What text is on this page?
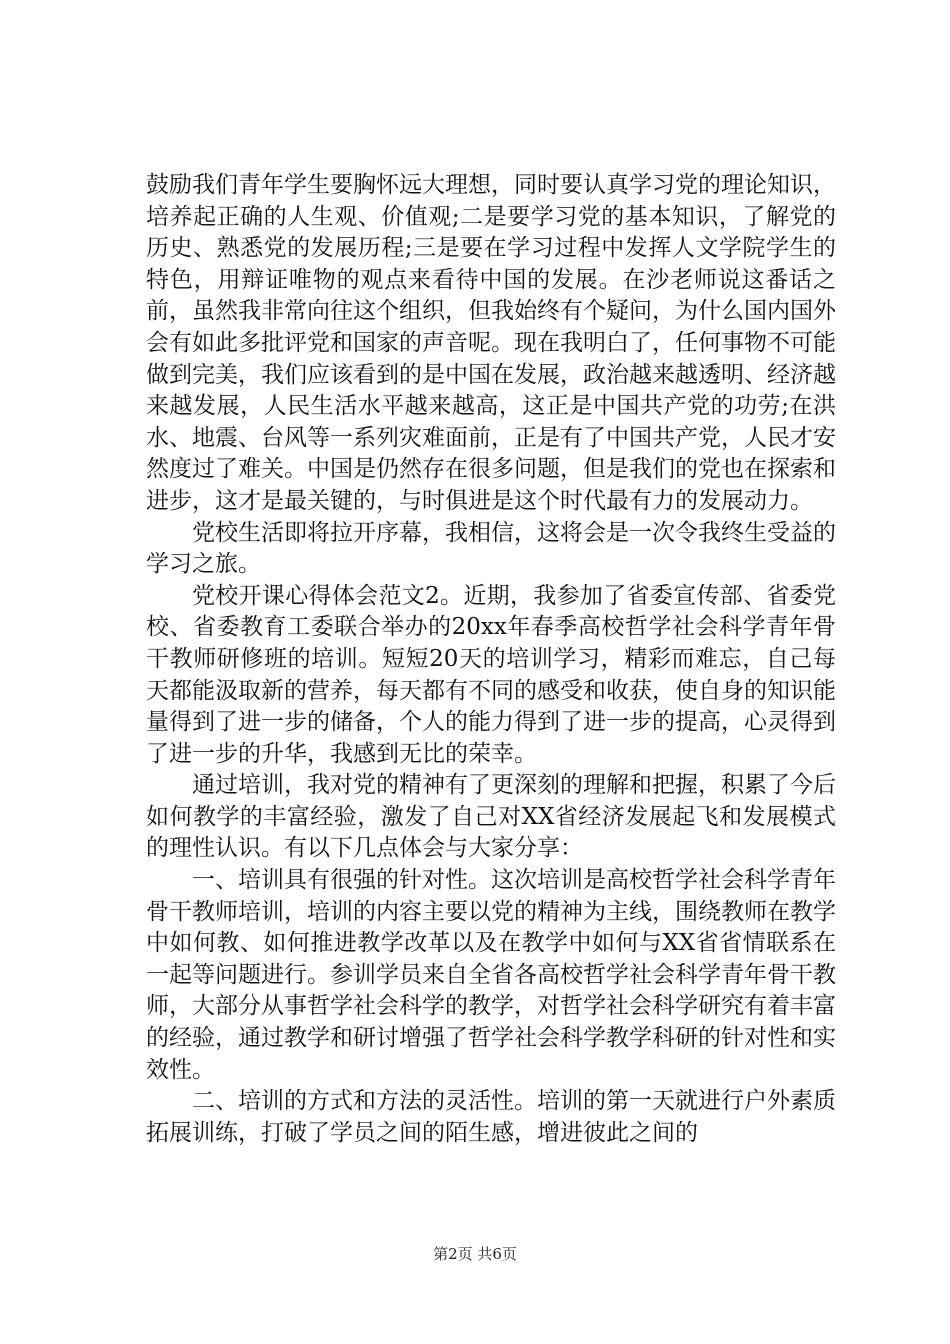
鼓励我们青年学生要胸怀远大理想，同时要认真学习党的理论知识，培养起正确的人生观、价值观;二是要学习党的基本知识，了解党的历史、熟悉党的发展历程;三是要在学习过程中发挥人文学院学生的特色，用辩证唯物的观点来看待中国的发展。在沙老师说这番话之前，虽然我非常向往这个组织，但我始终有个疑问，为什么国内国外会有如此多批评党和国家的声音呢。现在我明白了，任何事物不可能做到完美，我们应该看到的是中国在发展，政治越来越透明、经济越来越发展，人民生活水平越来越高，这正是中国共产党的功劳;在洪水、地震、台风等一系列灾难面前，正是有了中国共产党，人民才安然度过了难关。中国是仍然存在很多问题，但是我们的党也在探索和进步，这才是最关键的，与时俱进是这个时代最有力的发展动力。

党校生活即将拉开序幕，我相信，这将会是一次令我终生受益的学习之旅。

党校开课心得体会范文2。近期，我参加了省委宣传部、省委党校、省委教育工委联合举办的20xx年春季高校哲学社会科学青年骨干教师研修班的培训。短短20天的培训学习，精彩而难忘，自己每天都能汲取新的营养，每天都有不同的感受和收获，使自身的知识能量得到了进一步的储备，个人的能力得到了进一步的提高，心灵得到了进一步的升华，我感到无比的荣幸。

通过培训，我对党的精神有了更深刻的理解和把握，积累了今后如何教学的丰富经验，激发了自己对XX省经济发展起飞和发展模式的理性认识。有以下几点体会与大家分享：

一、培训具有很强的针对性。这次培训是高校哲学社会科学青年骨干教师培训，培训的内容主要以党的精神为主线，围绕教师在教学中如何教、如何推进教学改革以及在教学中如何与XX省省情联系在一起等问题进行。参训学员来自全省各高校哲学社会科学青年骨干教师，大部分从事哲学社会科学的教学，对哲学社会科学研究有着丰富的经验，通过教学和研讨增强了哲学社会科学教学科研的针对性和实效性。

二、培训的方式和方法的灵活性。培训的第一天就进行户外素质拓展训练，打破了学员之间的陌生感，增进彼此之间的

第2页 共6页
